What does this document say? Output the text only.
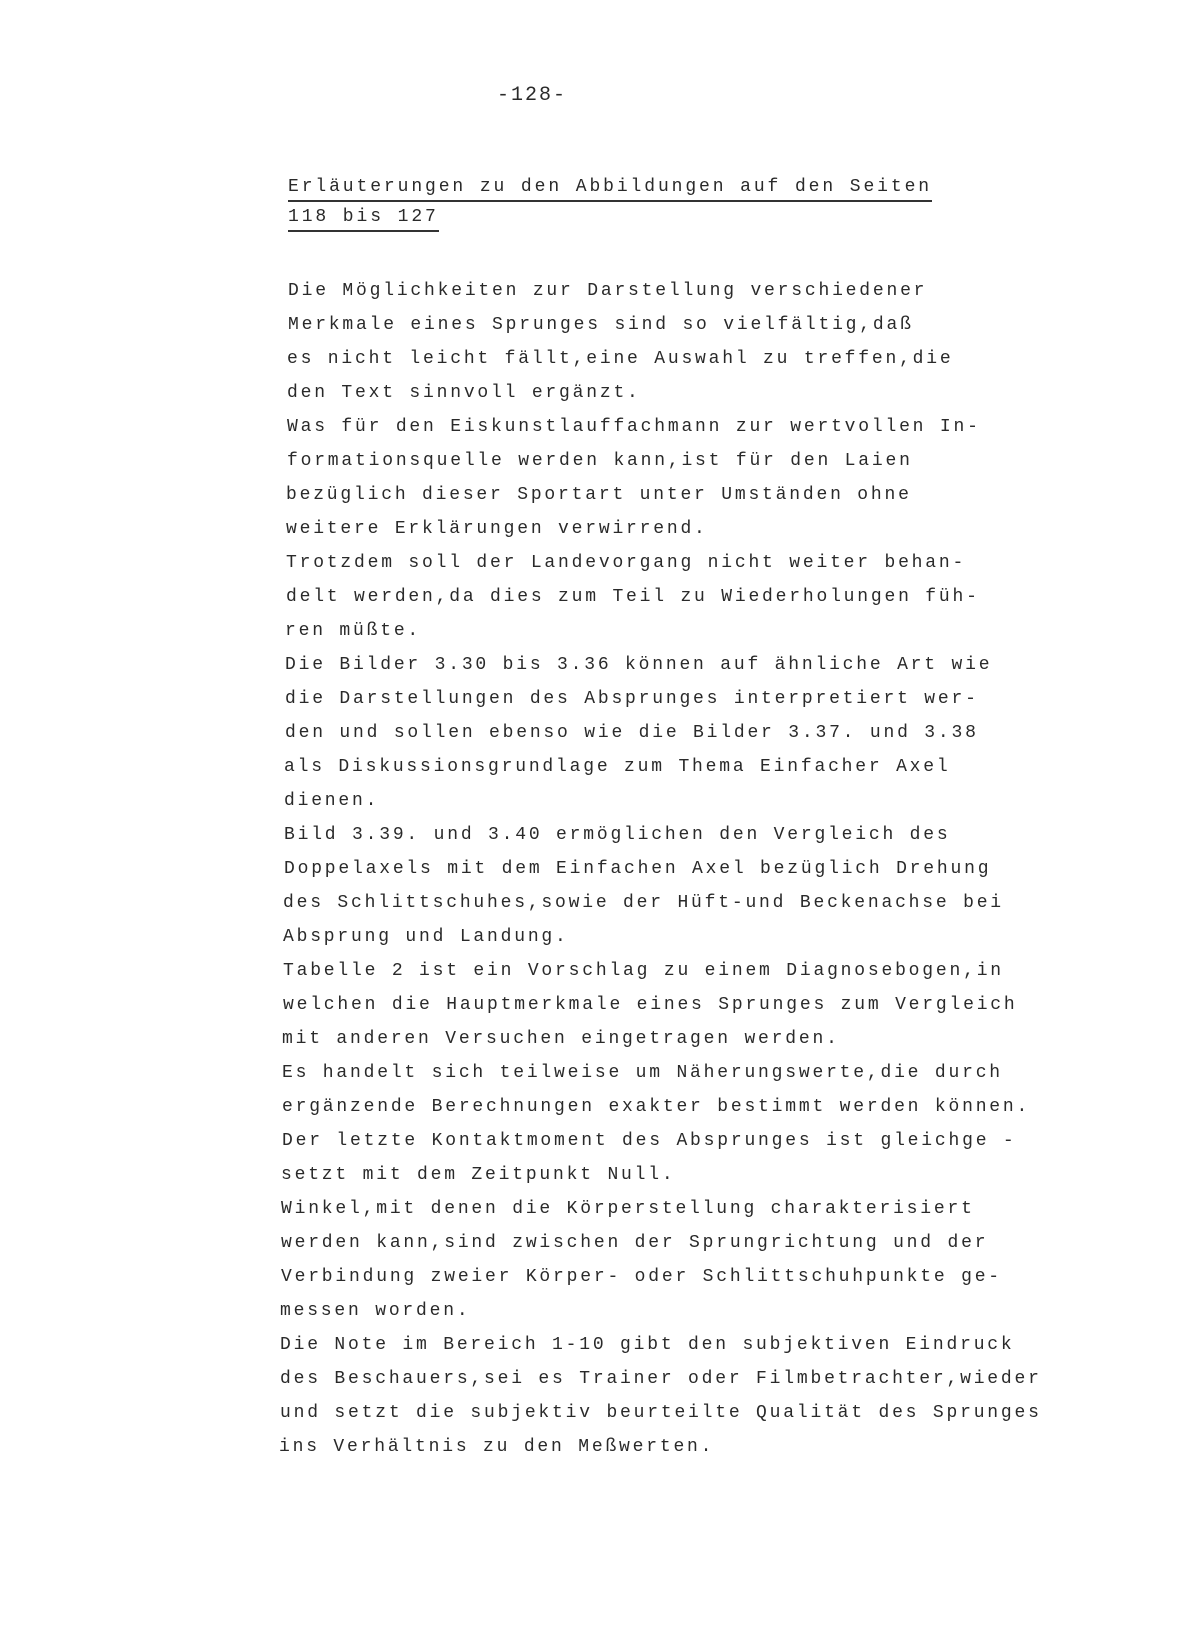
-128-
Erläuterungen zu den Abbildungen auf den Seiten
118 bis 127
Die Möglichkeiten zur Darstellung verschiedener
Merkmale eines Sprunges sind so vielfältig,daß
es nicht leicht fällt,eine Auswahl zu treffen,die
den Text sinnvoll ergänzt.
Was für den Eiskunstlauffachmann zur wertvollen In-
formationsquelle werden kann,ist für den Laien
bezüglich dieser Sportart unter Umständen ohne
weitere Erklärungen verwirrend.
Trotzdem soll der Landevorgang nicht weiter behan-
delt werden,da dies zum Teil zu Wiederholungen füh-
ren müßte.
Die Bilder 3.30 bis 3.36 können auf ähnliche Art wie
die Darstellungen des Absprunges interpretiert wer-
den und sollen ebenso wie die Bilder 3.37. und 3.38
als Diskussionsgrundlage zum Thema Einfacher Axel
dienen.
Bild 3.39. und 3.40 ermöglichen den Vergleich des
Doppelaxels mit dem Einfachen Axel bezüglich Drehung
des Schlittschuhes,sowie der Hüft-und Beckenachse bei
Absprung und Landung.
Tabelle 2 ist ein Vorschlag zu einem Diagnosebogen,in
welchen die Hauptmerkmale eines Sprunges zum Vergleich
mit anderen Versuchen eingetragen werden.
Es handelt sich teilweise um Näherungswerte,die durch
ergänzende Berechnungen exakter bestimmt werden können.
Der letzte Kontaktmoment des Absprunges ist gleichge -
setzt mit dem Zeitpunkt Null.
Winkel,mit denen die Körperstellung charakterisiert
werden kann,sind zwischen der Sprungrichtung und der
Verbindung zweier Körper- oder Schlittschuhpunkte ge-
messen worden.
Die Note im Bereich 1-10 gibt den subjektiven Eindruck
des Beschauers,sei es Trainer oder Filmbetrachter,wieder
und setzt die subjektiv beurteilte Qualität des Sprunges
ins Verhältnis zu den Meßwerten.
